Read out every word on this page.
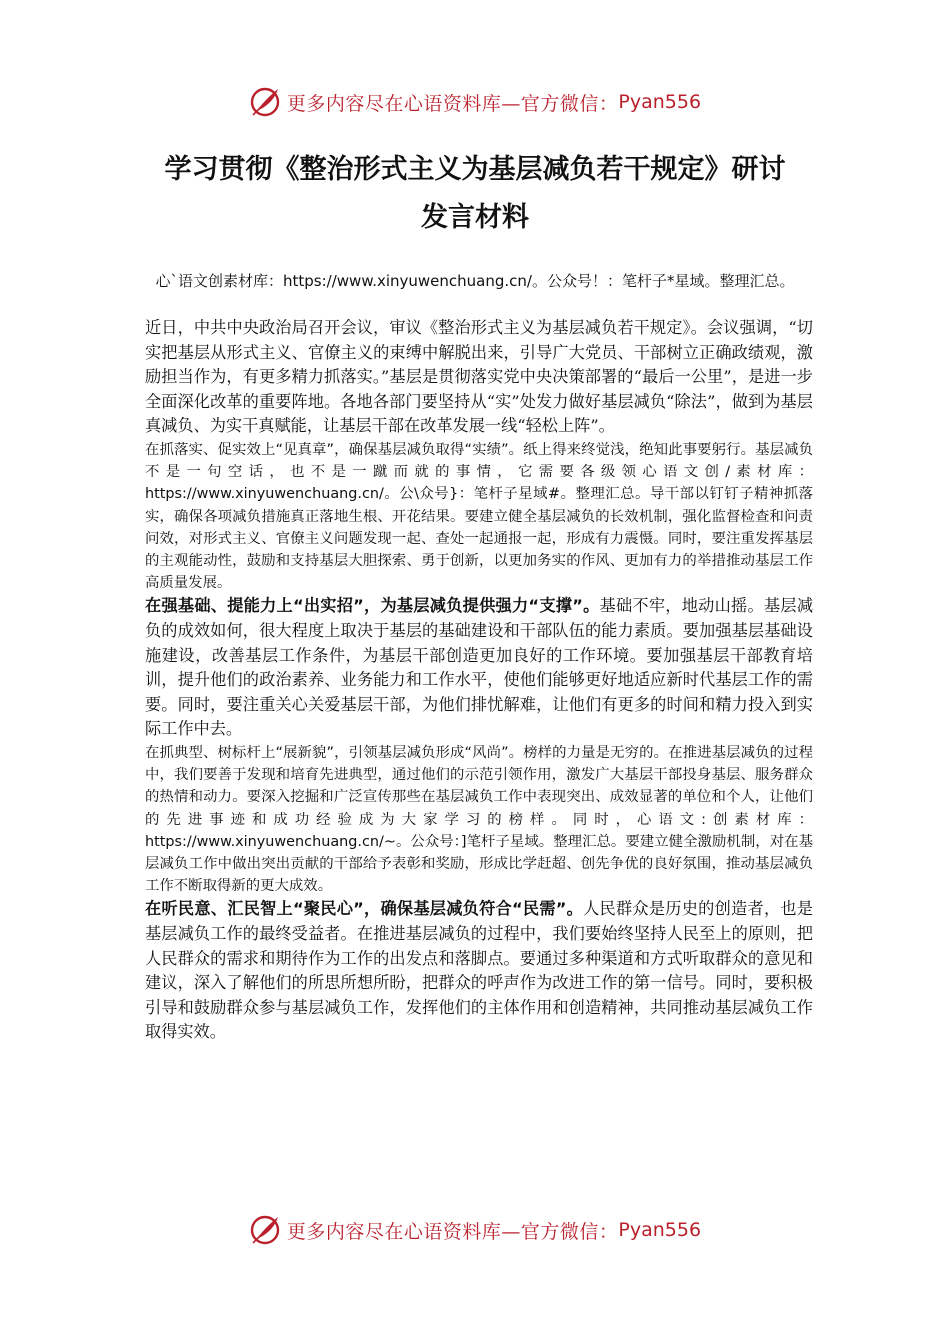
更多内容尽在心语资料库—官方微信： Pyan556
学习贯彻《整治形式主义为基层减负若干规定》研讨
发言材料

心`语文创素材库：https://www.xinyuwenchuang.cn/。公众号！：笔杆子*星域。整理汇总。

近日，中共中央政治局召开会议，审议《整治形式主义为基层减负若干规定》。会议强调，“切实把基层从形式主义、官僚主义的束缚中解脱出来，引导广大党员、干部树立正确政绩观，激励担当作为，有更多精力抓落实。”基层是贯彻落实党中央决策部署的“最后一公里”，是进一步全面深化改革的重要阵地。各地各部门要坚持从“实”处发力做好基层减负“除法”，做到为基层真减负、为实干真赋能，让基层干部在改革发展一线“轻松上阵”。

在抓落实、促实效上“见真章”，确保基层减负取得“实绩”。纸上得来终觉浅，绝知此事要躬行。基层减负不是一句空话，也不是一蹴而就的事情，它需要各级领心语文创/素材库：https://www.xinyuwenchuang.cn/。公\众号}：笔杆子星域#。整理汇总。导干部以钉钉子精神抓落实，确保各项减负措施真正落地生根、开花结果。要建立健全基层减负的长效机制，强化监督检查和问责问效，对形式主义、官僚主义问题发现一起、查处一起通报一起，形成有力震慑。同时，要注重发挥基层的主观能动性，鼓励和支持基层大胆探索、勇于创新，以更加务实的作风、更加有力的举措推动基层工作高质量发展。

在强基础、提能力上“出实招”，为基层减负提供强力“支撑”。基础不牢，地动山摇。基层减负的成效如何，很大程度上取决于基层的基础建设和干部队伍的能力素质。要加强基层基础设施建设，改善基层工作条件，为基层干部创造更加良好的工作环境。要加强基层干部教育培训，提升他们的政治素养、业务能力和工作水平，使他们能够更好地适应新时代基层工作的需要。同时，要注重关心关爱基层干部，为他们排忧解难，让他们有更多的时间和精力投入到实际工作中去。

在抓典型、树标杆上“展新貌”，引领基层减负形成“风尚”。榜样的力量是无穷的。在推进基层减负的过程中，我们要善于发现和培育先进典型，通过他们的示范引领作用，激发广大基层干部投身基层、服务群众的热情和动力。要深入挖掘和广泛宣传那些在基层减负工作中表现突出、成效显著的单位和个人，让他们的先进事迹和成功经验成为大家学习的榜样。同时，心语文:创素材库：https://www.xinyuwenchuang.cn/~。公众号：]笔杆子星域。整理汇总。要建立健全激励机制，对在基层减负工作中做出突出贡献的干部给予表彰和奖励，形成比学赶超、创先争优的良好氛围，推动基层减负工作不断取得新的更大成效。

在听民意、汇民智上“聚民心”，确保基层减负符合“民需”。人民群众是历史的创造者，也是基层减负工作的最终受益者。在推进基层减负的过程中，我们要始终坚持人民至上的原则，把人民群众的需求和期待作为工作的出发点和落脚点。要通过多种渠道和方式听取群众的意见和建议，深入了解他们的所思所想所盼，把群众的呼声作为改进工作的第一信号。同时，要积极引导和鼓励群众参与基层减负工作，发挥他们的主体作用和创造精神，共同推动基层减负工作取得实效。

更多内容尽在心语资料库—官方微信： Pyan556
